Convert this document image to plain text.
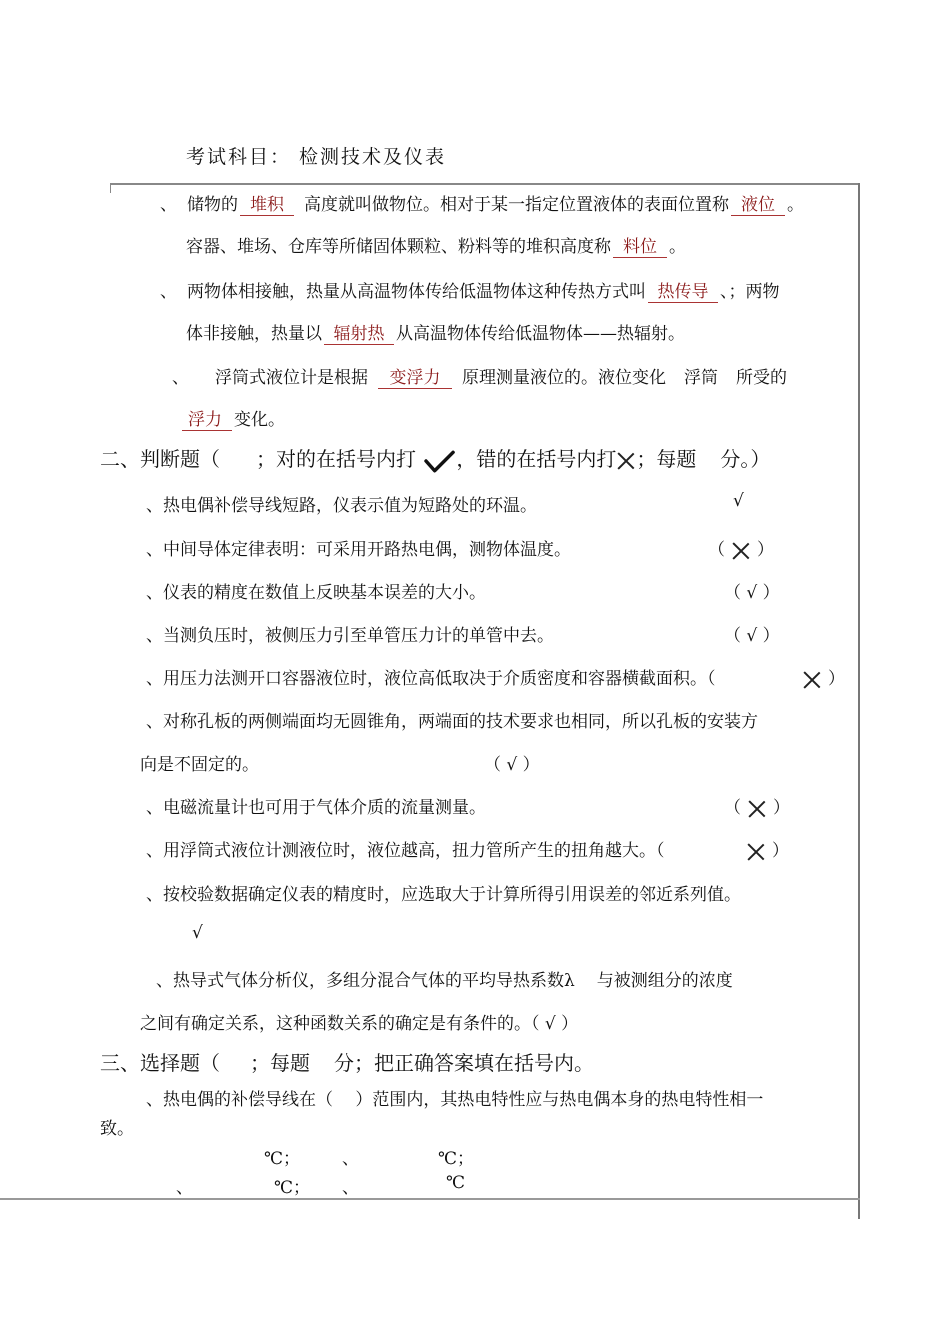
考试科目： 检测技术及仪表
、 储物的 堆积 高度就叫做物位。相对于某一指定位置液体的表面位置称 液位 。
容器、堆场、仓库等所储固体颗粒、粉料等的堆积高度称 料位 。
、 两物体相接触，热量从高温物体传给低温物体这种传热方式叫 热传导 、；两物
体非接触，热量以 辐射热 从高温物体传给低温物体——热辐射。
、 浮筒式液位计是根据 变浮力 原理测量液位的。液位变化 浮筒 所受的
浮力 变化。
二、判断题（ ；对的在括号内打 ，错的在括号内打 ；每题 分。）
、热电偶补偿导线短路，仪表示值为短路处的环温。	√
、中间导体定律表明：可采用开路热电偶，测物体温度。	（ ）
、仪表的精度在数值上反映基本误差的大小。	（ √ ）
、当测负压时，被侧压力引至单管压力计的单管中去。	（ √ ）
、用压力法测开口容器液位时，液位高低取决于介质密度和容器横截面积。（	）
、对称孔板的两侧端面均无圆锥角，两端面的技术要求也相同，所以孔板的安装方
向是不固定的。	（ √ ）
、电磁流量计也可用于气体介质的流量测量。	（ ）
、用浮筒式液位计测液位时，液位越高，扭力管所产生的扭角越大。（	）
、按校验数据确定仪表的精度时，应选取大于计算所得引用误差的邻近系列值。
√
、热导式气体分析仪，多组分混合气体的平均导热系数λ 与被测组分的浓度
之间有确定关系，这种函数关系的确定是有条件的。（ √ ）
三、选择题（ ；每题 分；把正确答案填在括号内。
、热电偶的补偿导线在（　 ）范围内，其热电特性应与热电偶本身的热电特性相一
致。
℃； 、	℃；
、	℃； 、	℃
